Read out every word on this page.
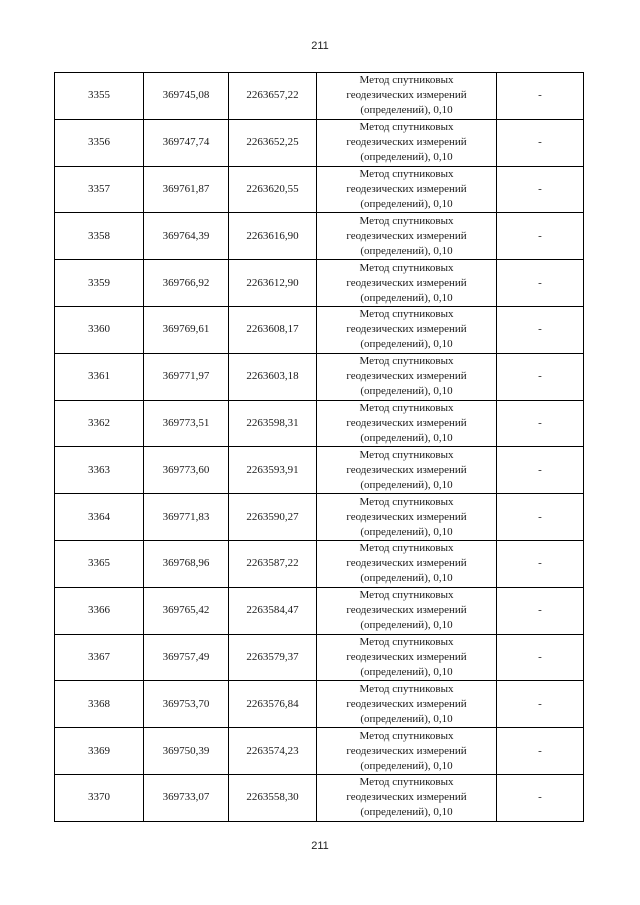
211
3355	369745,08	2263657,22	Метод спутниковых
геодезических измерений
(определений), 0,10	-
3356	369747,74	2263652,25	Метод спутниковых
геодезических измерений
(определений), 0,10	-
3357	369761,87	2263620,55	Метод спутниковых
геодезических измерений
(определений), 0,10	-
3358	369764,39	2263616,90	Метод спутниковых
геодезических измерений
(определений), 0,10	-
3359	369766,92	2263612,90	Метод спутниковых
геодезических измерений
(определений), 0,10	-
3360	369769,61	2263608,17	Метод спутниковых
геодезических измерений
(определений), 0,10	-
3361	369771,97	2263603,18	Метод спутниковых
геодезических измерений
(определений), 0,10	-
3362	369773,51	2263598,31	Метод спутниковых
геодезических измерений
(определений), 0,10	-
3363	369773,60	2263593,91	Метод спутниковых
геодезических измерений
(определений), 0,10	-
3364	369771,83	2263590,27	Метод спутниковых
геодезических измерений
(определений), 0,10	-
3365	369768,96	2263587,22	Метод спутниковых
геодезических измерений
(определений), 0,10	-
3366	369765,42	2263584,47	Метод спутниковых
геодезических измерений
(определений), 0,10	-
3367	369757,49	2263579,37	Метод спутниковых
геодезических измерений
(определений), 0,10	-
3368	369753,70	2263576,84	Метод спутниковых
геодезических измерений
(определений), 0,10	-
3369	369750,39	2263574,23	Метод спутниковых
геодезических измерений
(определений), 0,10	-
3370	369733,07	2263558,30	Метод спутниковых
геодезических измерений
(определений), 0,10	-
211
